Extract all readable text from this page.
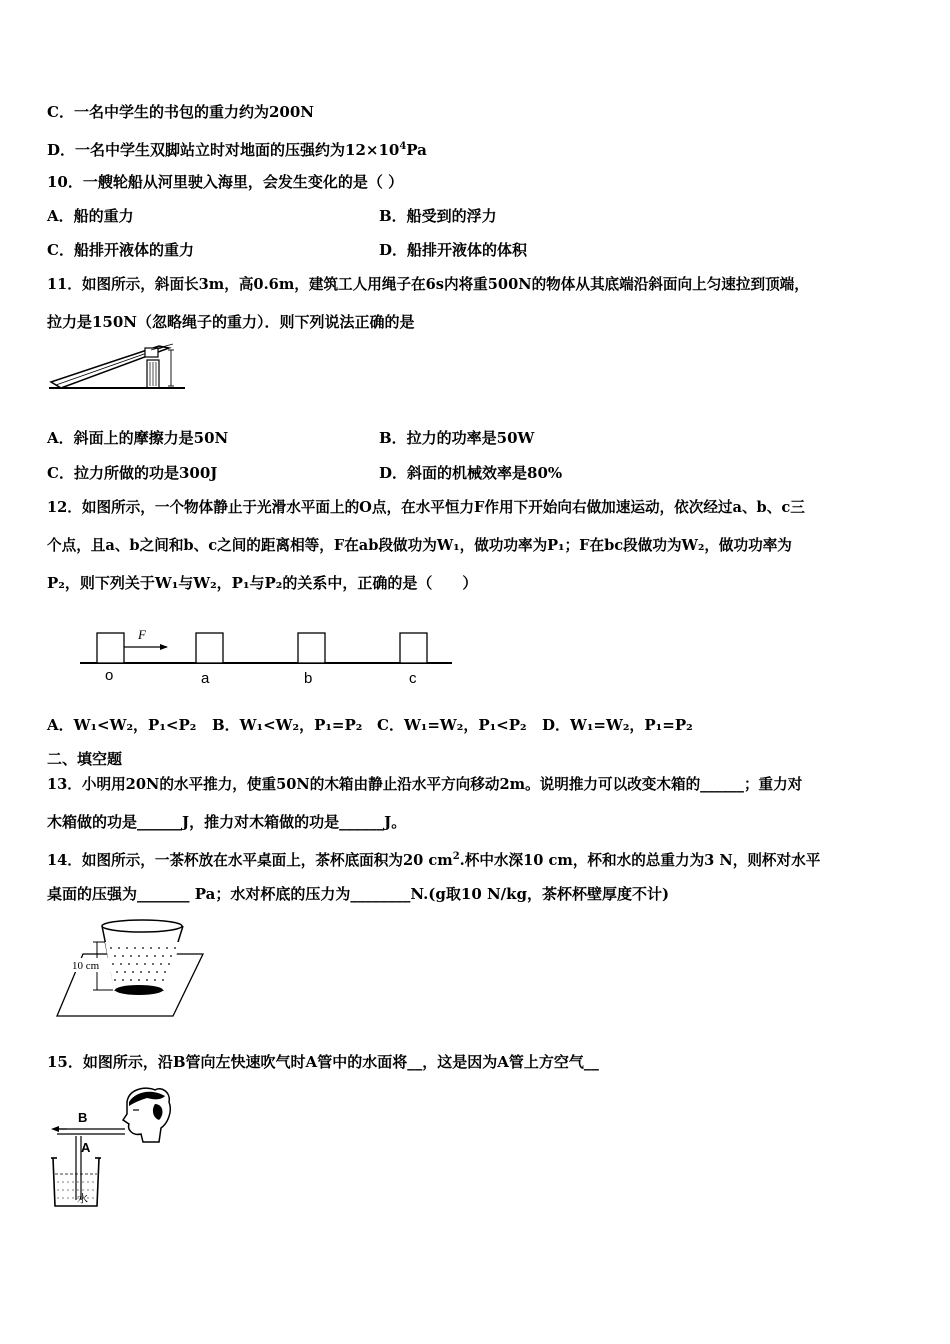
C．一名中学生的书包的重力约为200N
D．一名中学生双脚站立时对地面的压强约为$12\times 10^4Pa$
10．一艘轮船从河里驶入海里，会发生变化的是（ ）
A．船的重力	B．船受到的浮力
C．船排开液体的重力	D．船排开液体的体积
11．如图所示，斜面长3m，高0.6m，建筑工人用绳子在6s内将重500N的物体从其底端沿斜面向上匀速拉到顶端，
拉力是150N（忽略绳子的重力）．则下列说法正确的是
A．斜面上的摩擦力是50N	B．拉力的功率是50W
C．拉力所做的功是300J	D．斜面的机械效率是80%
12．如图所示，一个物体静止于光滑水平面上的O点，在水平恒力F作用下开始向右做加速运动，依次经过a、b、c三
个点，且a、b之间和b、c之间的距离相等，F在ab段做功为W₁，做功功率为P₁；F在bc段做功为W₂，做功功率为
P₂，则下列关于W₁与W₂，P₁与P₂的关系中，正确的是（　　）
F
o	a	b	c
A．W₁<W₂，P₁<P₂ B．W₁<W₂，P₁=P₂ C．W₁=W₂，P₁<P₂ D．W₁=W₂，P₁=P₂
二、填空题
13．小明用20N的水平推力，使重50N的木箱由静止沿水平方向移动2m。说明推力可以改变木箱的______；重力对
木箱做的功是______J，推力对木箱做的功是______J。
14．如图所示，一茶杯放在水平桌面上，茶杯底面积为20 $cm^2$.杯中水深10 cm，杯和水的总重力为3 N，则杯对水平
桌面的压强为_______ Pa；水对杯底的压力为________N.(g取10 N/kg，茶杯杯壁厚度不计)
10 cm
15．如图所示，沿B管向左快速吹气时A管中的水面将__，这是因为A管上方空气__
B
A
水
